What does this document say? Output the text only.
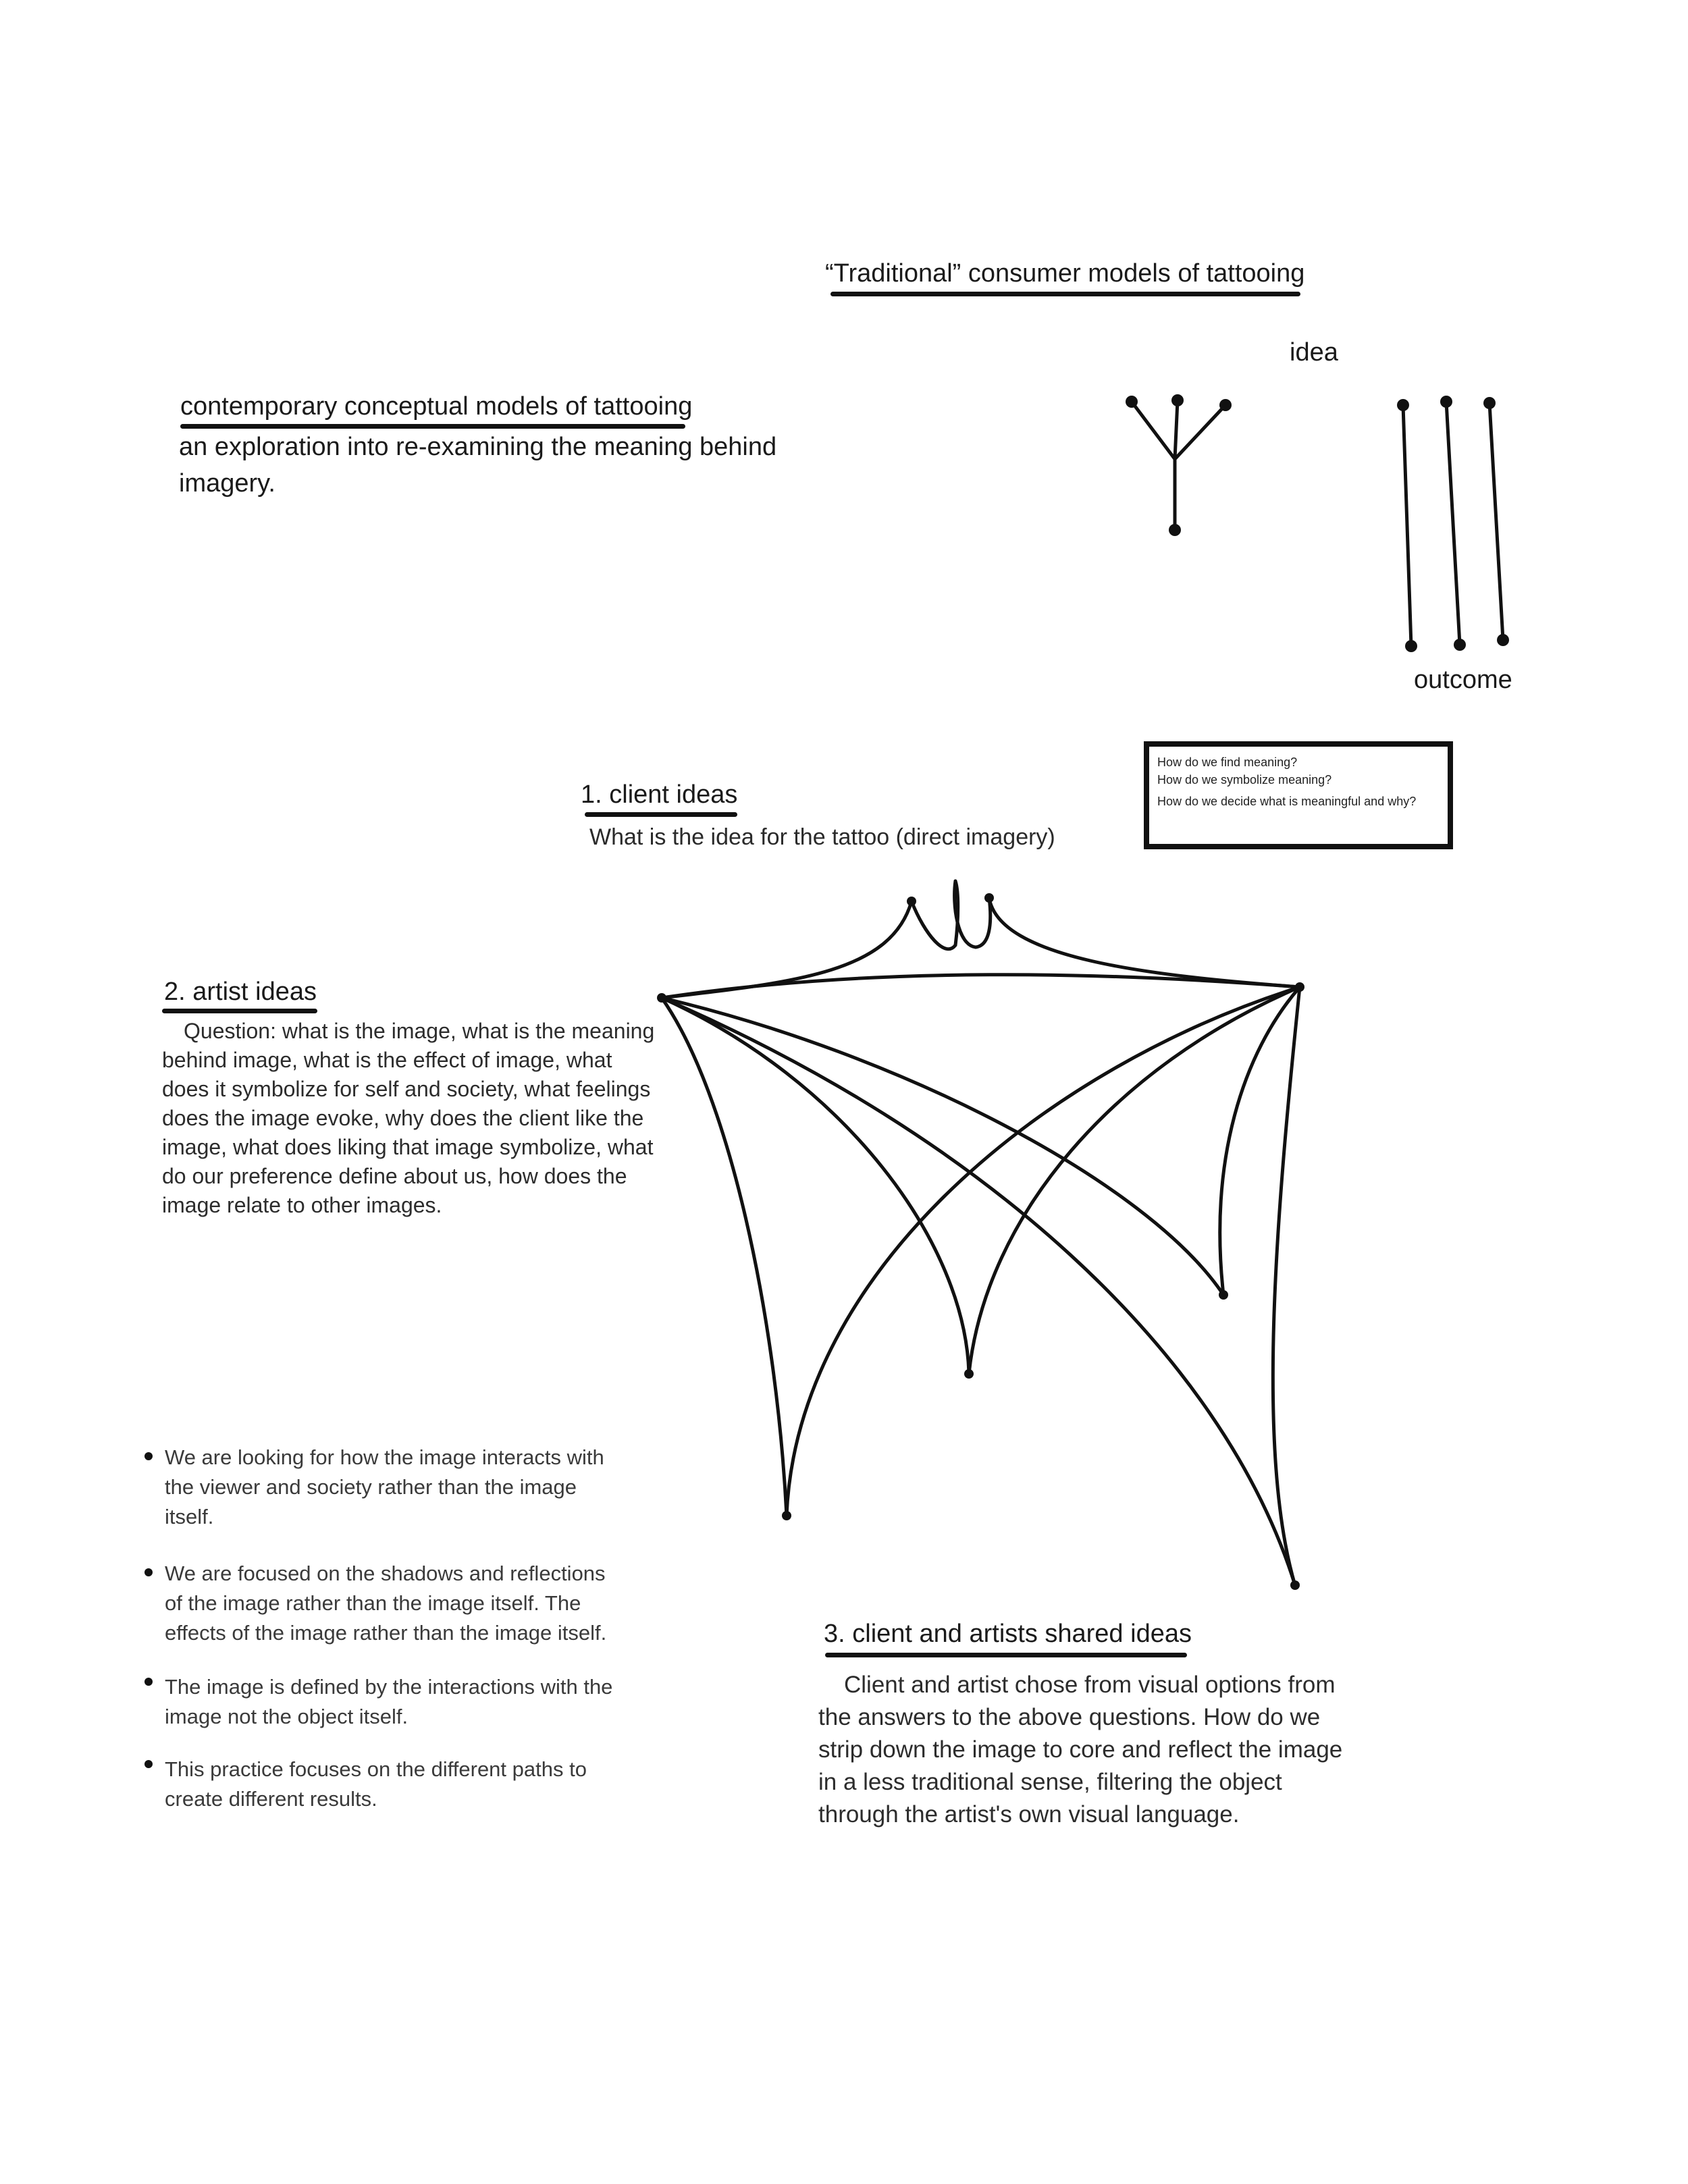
“Traditional” consumer models of tattooing
idea
outcome
contemporary conceptual models of tattooing
an exploration into re-examining the meaning behind imagery.
How do we find meaning?
How do we symbolize meaning?
How do we decide what is meaningful and why?
1. client ideas
What is the idea for the tattoo (direct imagery)
2. artist ideas
Question: what is the image, what is the meaning behind image, what is the effect of image, what does it symbolize for self and society, what feelings does the image evoke, why does the client like the image, what does liking that image symbolize, what do our preference define about us, how does the image relate to other images.
We are looking for how the image interacts with the viewer and society rather than the image itself.
We are focused on the shadows and reflections of the image rather than the image itself. The effects of the image rather than the image itself.
The image is defined by the interactions with the image not the object itself.
This practice focuses on the different paths to create different results.
3. client and artists shared ideas
Client and artist chose from visual options from the answers to the above questions. How do we strip down the image to core and reflect the image in a less traditional sense, filtering the object through the artist's own visual language.
